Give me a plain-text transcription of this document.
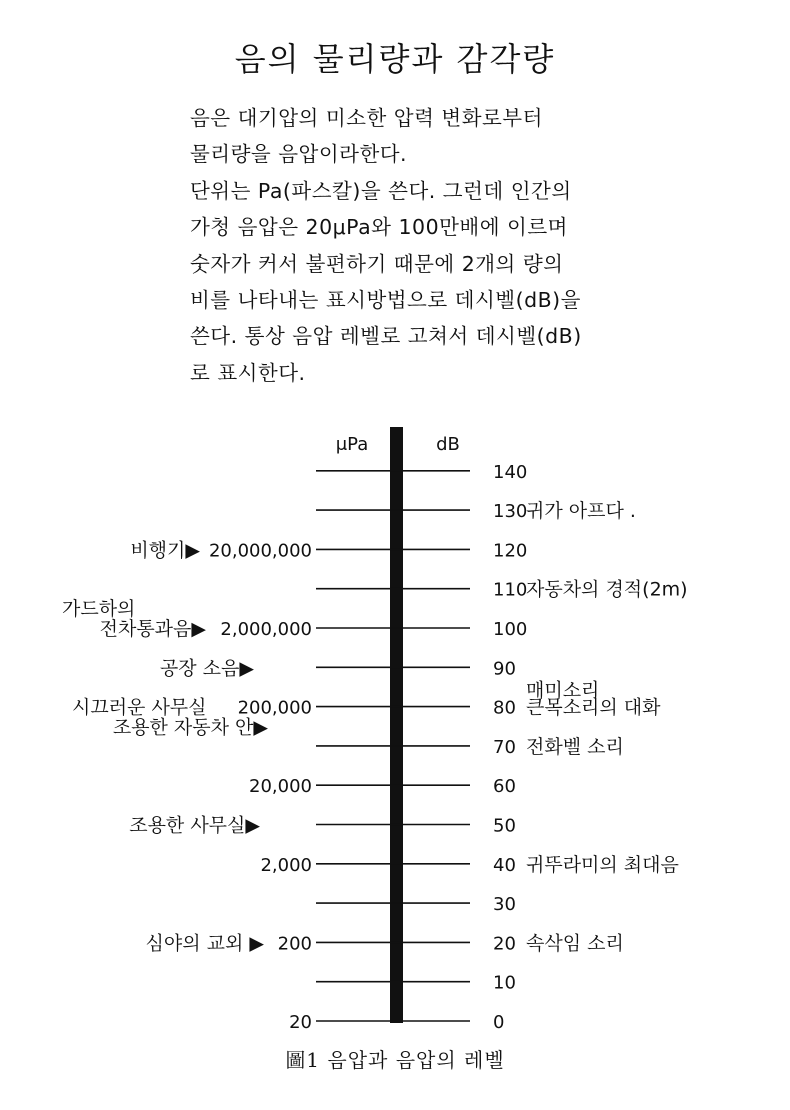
음의 물리량과 감각량
음은 대기압의 미소한 압력 변화로부터
물리량을 음압이라한다.
단위는 Pa(파스칼)을 쓴다. 그런데 인간의
가청 음압은 20μPa와 100만배에 이르며
숫자가 커서 불편하기 때문에 2개의 량의
비를 나타내는 표시방법으로 데시벨(dB)을
쓴다. 통상 음압 레벨로 고쳐서 데시벨(dB)
로 표시한다.
μPa	dB
140
130
120
110
100
90
80
70
60
50
40
30
20
10
0
20,000,000
2,000,000
200,000
20,000
2,000
200
20
비행기▶
가드하의
전차통과음▶
공장 소음▶
시끄러운 사무실
조용한 자동차 안▶
조용한 사무실▶
심야의 교외 ▶
귀가 아프다 .
자동차의 경적(2m)
매미소리
큰목소리의 대화
전화벨 소리
귀뚜라미의 최대음
속삭임 소리
圖1 음압과 음압의 레벨
